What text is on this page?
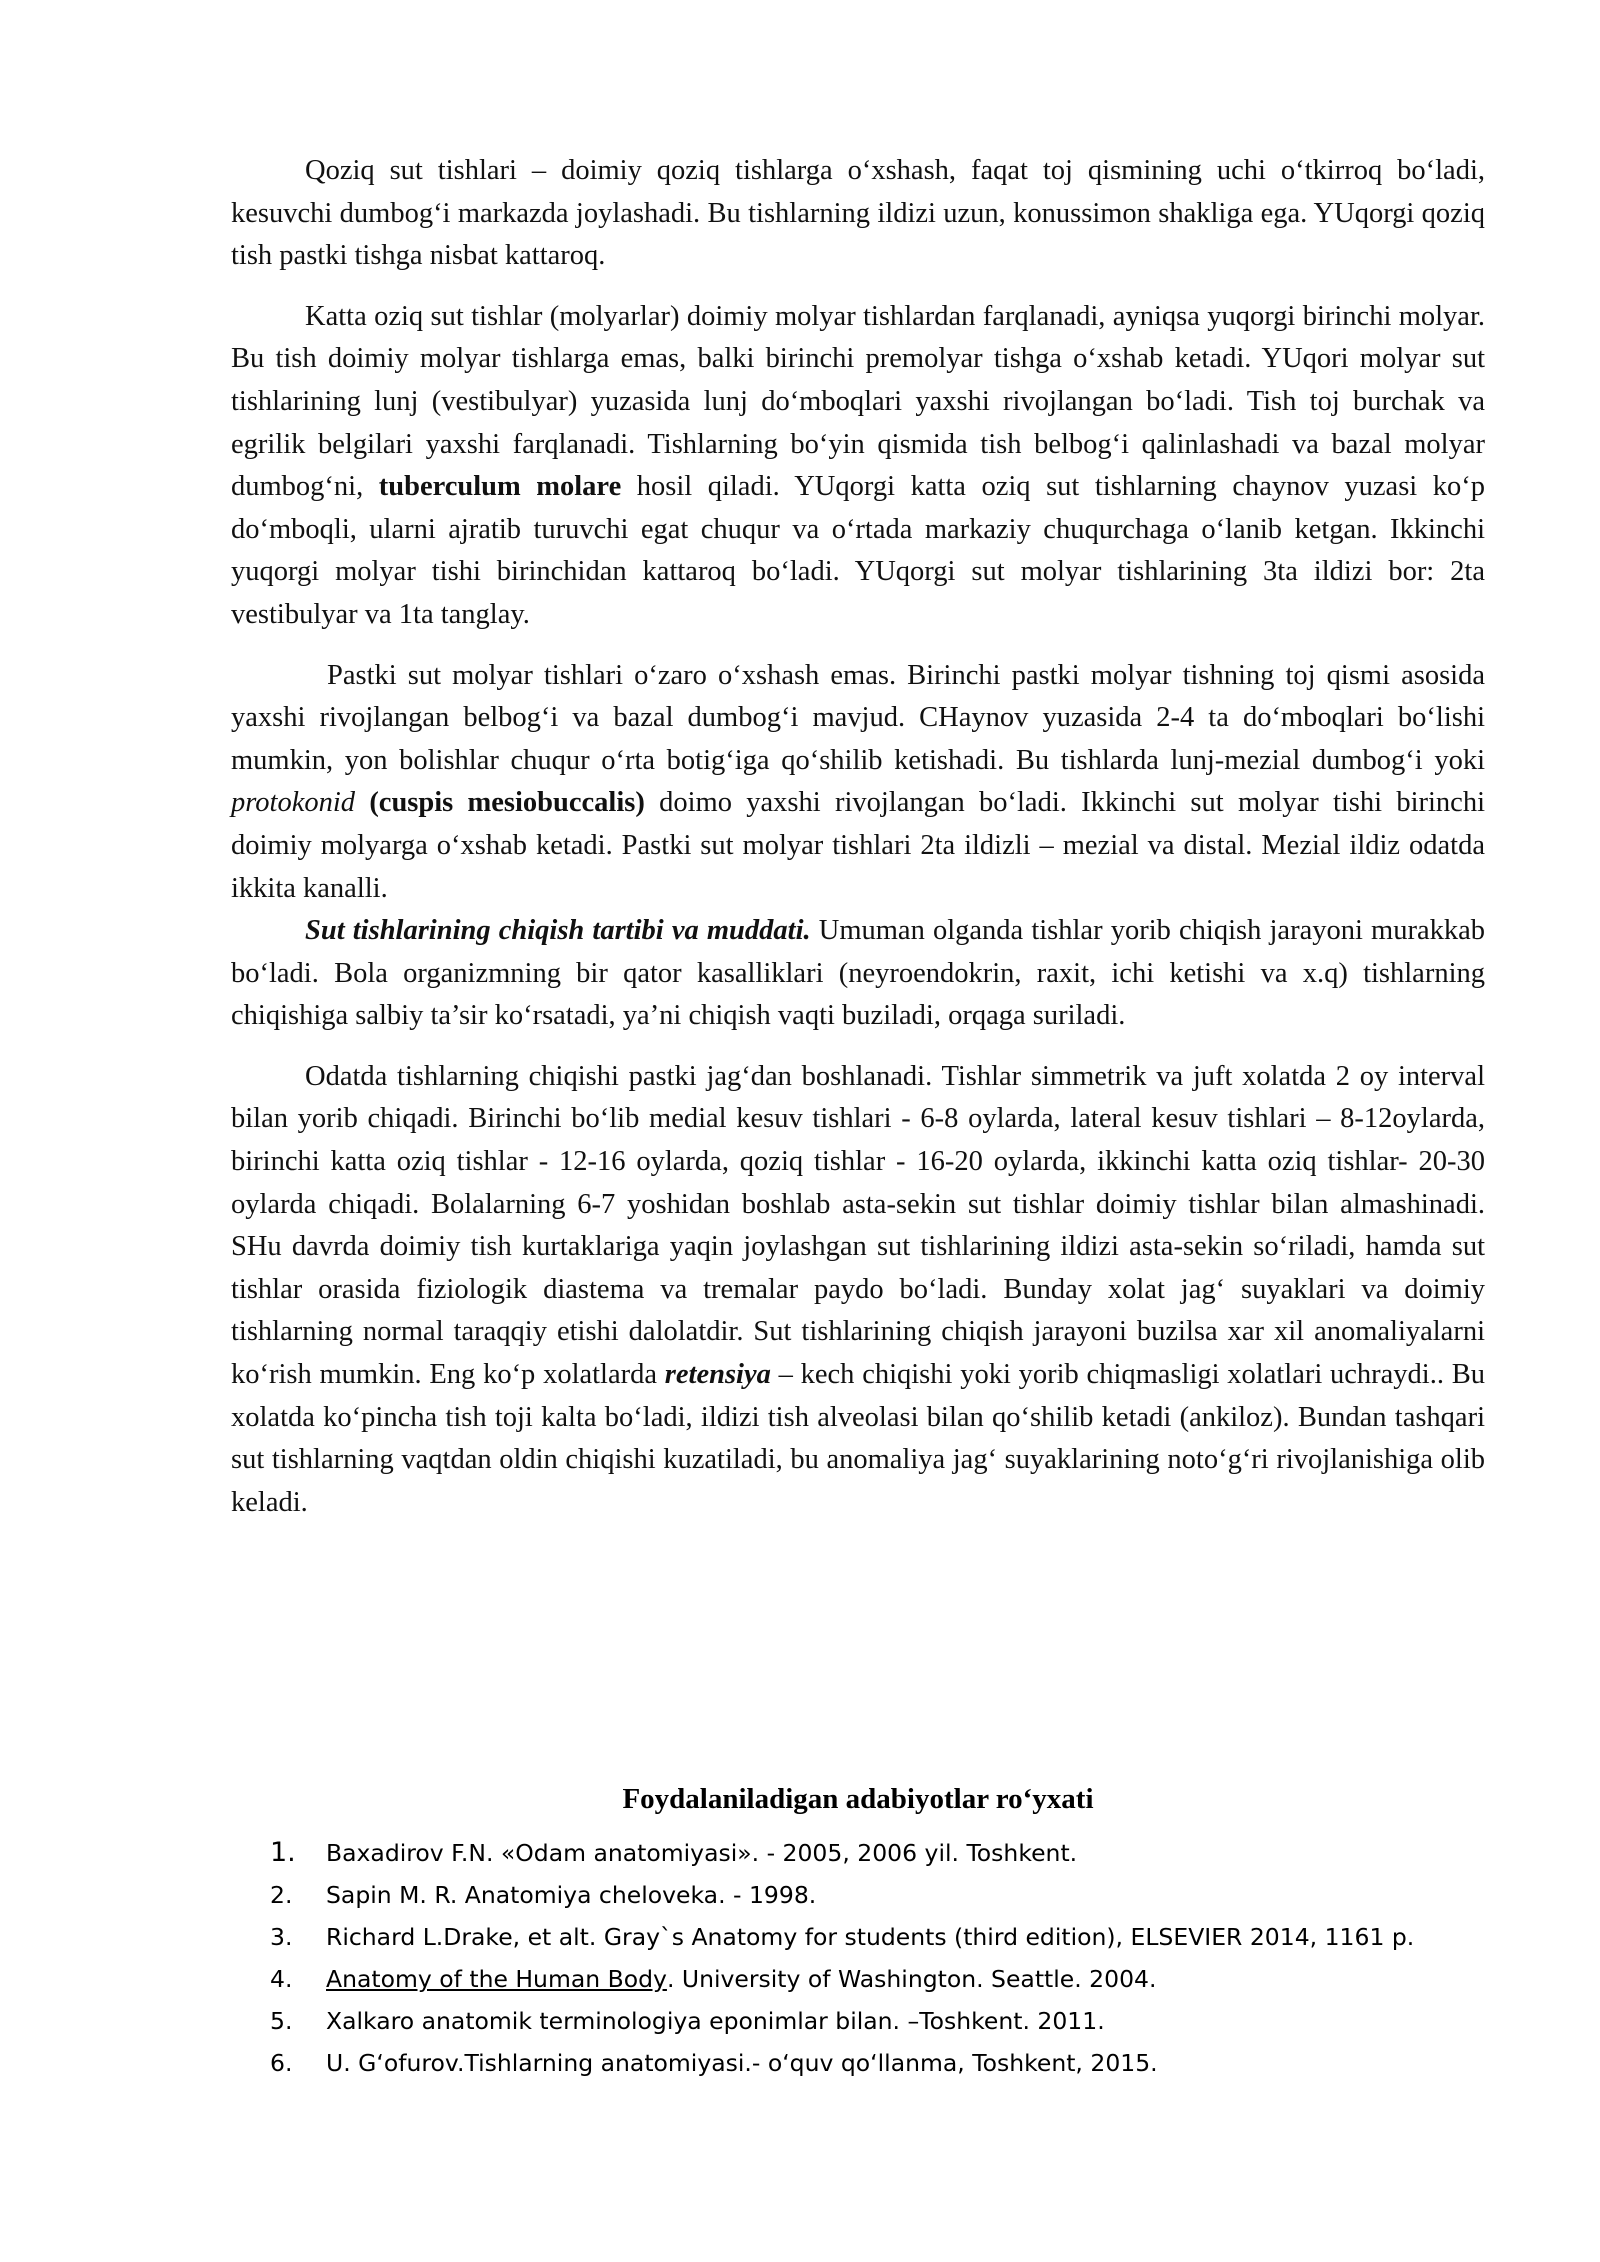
Qoziq sut tishlari – doimiy qoziq tishlarga o‘xshash, faqat toj qismining uchi o‘tkirroq bo‘ladi, kesuvchi dumbog‘i markazda joylashadi. Bu tishlarning ildizi uzun, konussimon shakliga ega. YUqorgi qoziq tish pastki tishga nisbat kattaroq.

Katta oziq sut tishlar (molyarlar) doimiy molyar tishlardan farqlanadi, ayniqsa yuqorgi birinchi molyar. Bu tish doimiy molyar tishlarga emas, balki birinchi premolyar tishga o‘xshab ketadi. YUqori molyar sut tishlarining lunj (vestibulyar) yuzasida lunj do‘mboqlari yaxshi rivojlangan bo‘ladi. Tish toj burchak va egrilik belgilari yaxshi farqlanadi. Tishlarning bo‘yin qismida tish belbog‘i qalinlashadi va bazal molyar dumbog‘ni, tuberculum molare hosil qiladi. YUqorgi katta oziq sut tishlarning chaynov yuzasi ko‘p do‘mboqli, ularni ajratib turuvchi egat chuqur va o‘rtada markaziy chuqurchaga o‘lanib ketgan. Ikkinchi yuqorgi molyar tishi birinchidan kattaroq bo‘ladi. YUqorgi sut molyar tishlarining 3ta ildizi bor: 2ta vestibulyar va 1ta tanglay.

Pastki sut molyar tishlari o‘zaro o‘xshash emas. Birinchi pastki molyar tishning toj qismi asosida yaxshi rivojlangan belbog‘i va bazal dumbog‘i mavjud. CHaynov yuzasida 2-4 ta do‘mboqlari bo‘lishi mumkin, yon bolishlar chuqur o‘rta botig‘iga qo‘shilib ketishadi. Bu tishlarda lunj-mezial dumbog‘i yoki protokonid (cuspis mesiobuccalis) doimo yaxshi rivojlangan bo‘ladi. Ikkinchi sut molyar tishi birinchi doimiy molyarga o‘xshab ketadi. Pastki sut molyar tishlari 2ta ildizli – mezial va distal. Mezial ildiz odatda ikkita kanalli.

Sut tishlarining chiqish tartibi va muddati. Umuman olganda tishlar yorib chiqish jarayoni murakkab bo‘ladi. Bola organizmning bir qator kasalliklari (neyroendokrin, raxit, ichi ketishi va x.q) tishlarning chiqishiga salbiy ta’sir ko‘rsatadi, ya’ni chiqish vaqti buziladi, orqaga suriladi.

Odatda tishlarning chiqishi pastki jag‘dan boshlanadi. Tishlar simmetrik va juft xolatda 2 oy interval bilan yorib chiqadi. Birinchi bo‘lib medial kesuv tishlari - 6-8 oylarda, lateral kesuv tishlari – 8-12oylarda, birinchi katta oziq tishlar - 12-16 oylarda, qoziq tishlar - 16-20 oylarda, ikkinchi katta oziq tishlar- 20-30 oylarda chiqadi. Bolalarning 6-7 yoshidan boshlab asta-sekin sut tishlar doimiy tishlar bilan almashinadi. SHu davrda doimiy tish kurtaklariga yaqin joylashgan sut tishlarining ildizi asta-sekin so‘riladi, hamda sut tishlar orasida fiziologik diastema va tremalar paydo bo‘ladi. Bunday xolat jag‘ suyaklari va doimiy tishlarning normal taraqqiy etishi dalolatdir. Sut tishlarining chiqish jarayoni buzilsa xar xil anomaliyalarni ko‘rish mumkin. Eng ko‘p xolatlarda retensiya – kech chiqishi yoki yorib chiqmasligi xolatlari uchraydi.. Bu xolatda ko‘pincha tish toji kalta bo‘ladi, ildizi tish alveolasi bilan qo‘shilib ketadi (ankiloz). Bundan tashqari sut tishlarning vaqtdan oldin chiqishi kuzatiladi, bu anomaliya jag‘ suyaklarining noto‘g‘ri rivojlanishiga olib keladi.

Foydalaniladigan adabiyotlar ro‘yxati
1.	Baxadirov F.N. «Odam anatomiyasi». - 2005, 2006 yil. Toshkent.
2.	Sapin M. R. Anatomiya cheloveka. - 1998.
3.	Richard L.Drake, et alt. Gray`s Anatomy for students (third edition), ELSEVIER 2014, 1161 p.
4.	Anatomy of the Human Body . University of Washington. Seattle. 2004.
5.	Xalkaro anatomik terminologiya eponimlar bilan. –Toshkent. 2011.
6.	U. G‘ofurov.Tishlarning anatomiyasi.- o‘quv qo‘llanma, Toshkent, 2015.
